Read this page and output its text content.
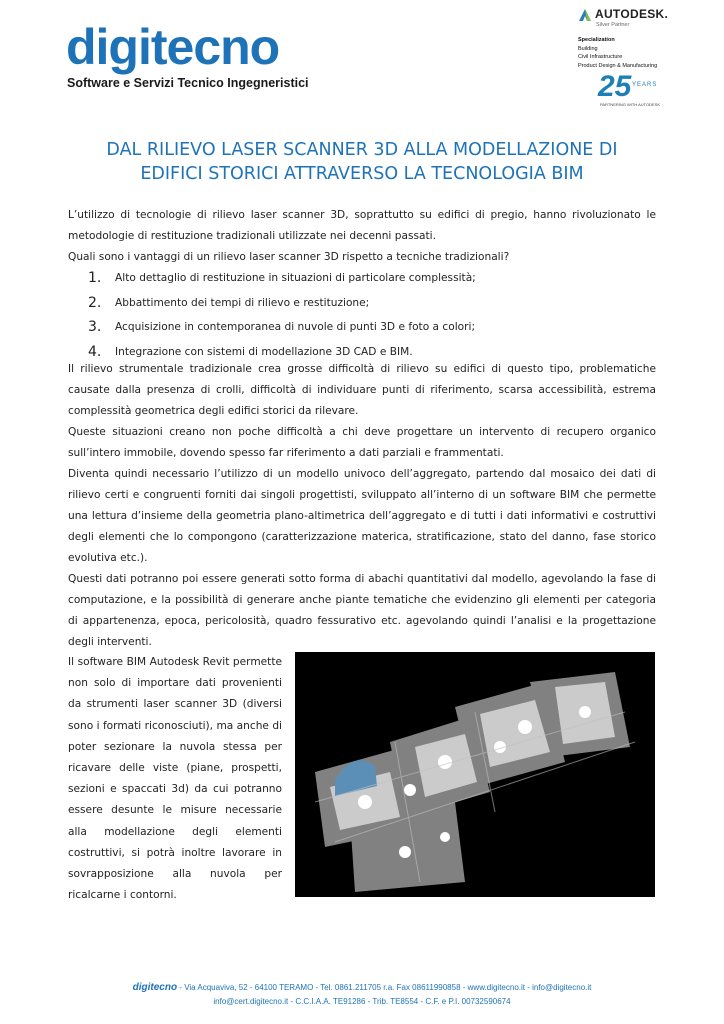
digitecno
Software e Servizi Tecnico Ingegneristici
AUTODESK.
Silver Partner
Specialization
Building
Civil Infrastructure
Product Design & Manufacturing
25 YEARS
PARTNERING WITH AUTODESK
DAL RILIEVO LASER SCANNER 3D ALLA MODELLAZIONE DI
EDIFICI STORICI ATTRAVERSO LA TECNOLOGIA BIM

L’utilizzo di tecnologie di rilievo laser scanner 3D, soprattutto su edifici di pregio, hanno rivoluzionato le metodologie di restituzione tradizionali utilizzate nei decenni passati.

Quali sono i vantaggi di un rilievo laser scanner 3D rispetto a tecniche tradizionali?

1. Alto dettaglio di restituzione in situazioni di particolare complessità;
2. Abbattimento dei tempi di rilievo e restituzione;
3. Acquisizione in contemporanea di nuvole di punti 3D e foto a colori;
4. Integrazione con sistemi di modellazione 3D CAD e BIM.

Il rilievo strumentale tradizionale crea grosse difficoltà di rilievo su edifici di questo tipo, problematiche causate dalla presenza di crolli, difficoltà di individuare punti di riferimento, scarsa accessibilità, estrema complessità geometrica degli edifici storici da rilevare.

Queste situazioni creano non poche difficoltà a chi deve progettare un intervento di recupero organico sull’intero immobile, dovendo spesso far riferimento a dati parziali e frammentati.

Diventa quindi necessario l’utilizzo di un modello univoco dell’aggregato, partendo dal mosaico dei dati di rilievo certi e congruenti forniti dai singoli progettisti, sviluppato all’interno di un software BIM che permette una lettura d’insieme della geometria plano-altimetrica dell’aggregato e di tutti i dati informativi e costruttivi degli elementi che lo compongono (caratterizzazione materica, stratificazione, stato del danno, fase storico evolutiva etc.).

Questi dati potranno poi essere generati sotto forma di abachi quantitativi dal modello, agevolando la fase di computazione, e la possibilità di generare anche piante tematiche che evidenzino gli elementi per categoria di appartenenza, epoca, pericolosità, quadro fessurativo etc. agevolando quindi l’analisi e la progettazione degli interventi.

Il software BIM Autodesk Revit permette non solo di importare dati provenienti da strumenti laser scanner 3D (diversi sono i formati riconosciuti), ma anche di poter sezionare la nuvola stessa per ricavare delle viste (piane, prospetti, sezioni e spaccati 3d) da cui potranno essere desunte le misure necessarie alla modellazione degli elementi costruttivi, si potrà inoltre lavorare in sovrapposizione alla nuvola per ricalcarne i contorni.
digitecno - Via Acquaviva, 52 - 64100 TERAMO - Tel. 0861.211705 r.a. Fax 08611990858 - www.digitecno.it - info@digitecno.it
info@cert.digitecno.it - C.C.I.A.A. TE91286 - Trib. TE8554 - C.F. e P.I. 00732590674
